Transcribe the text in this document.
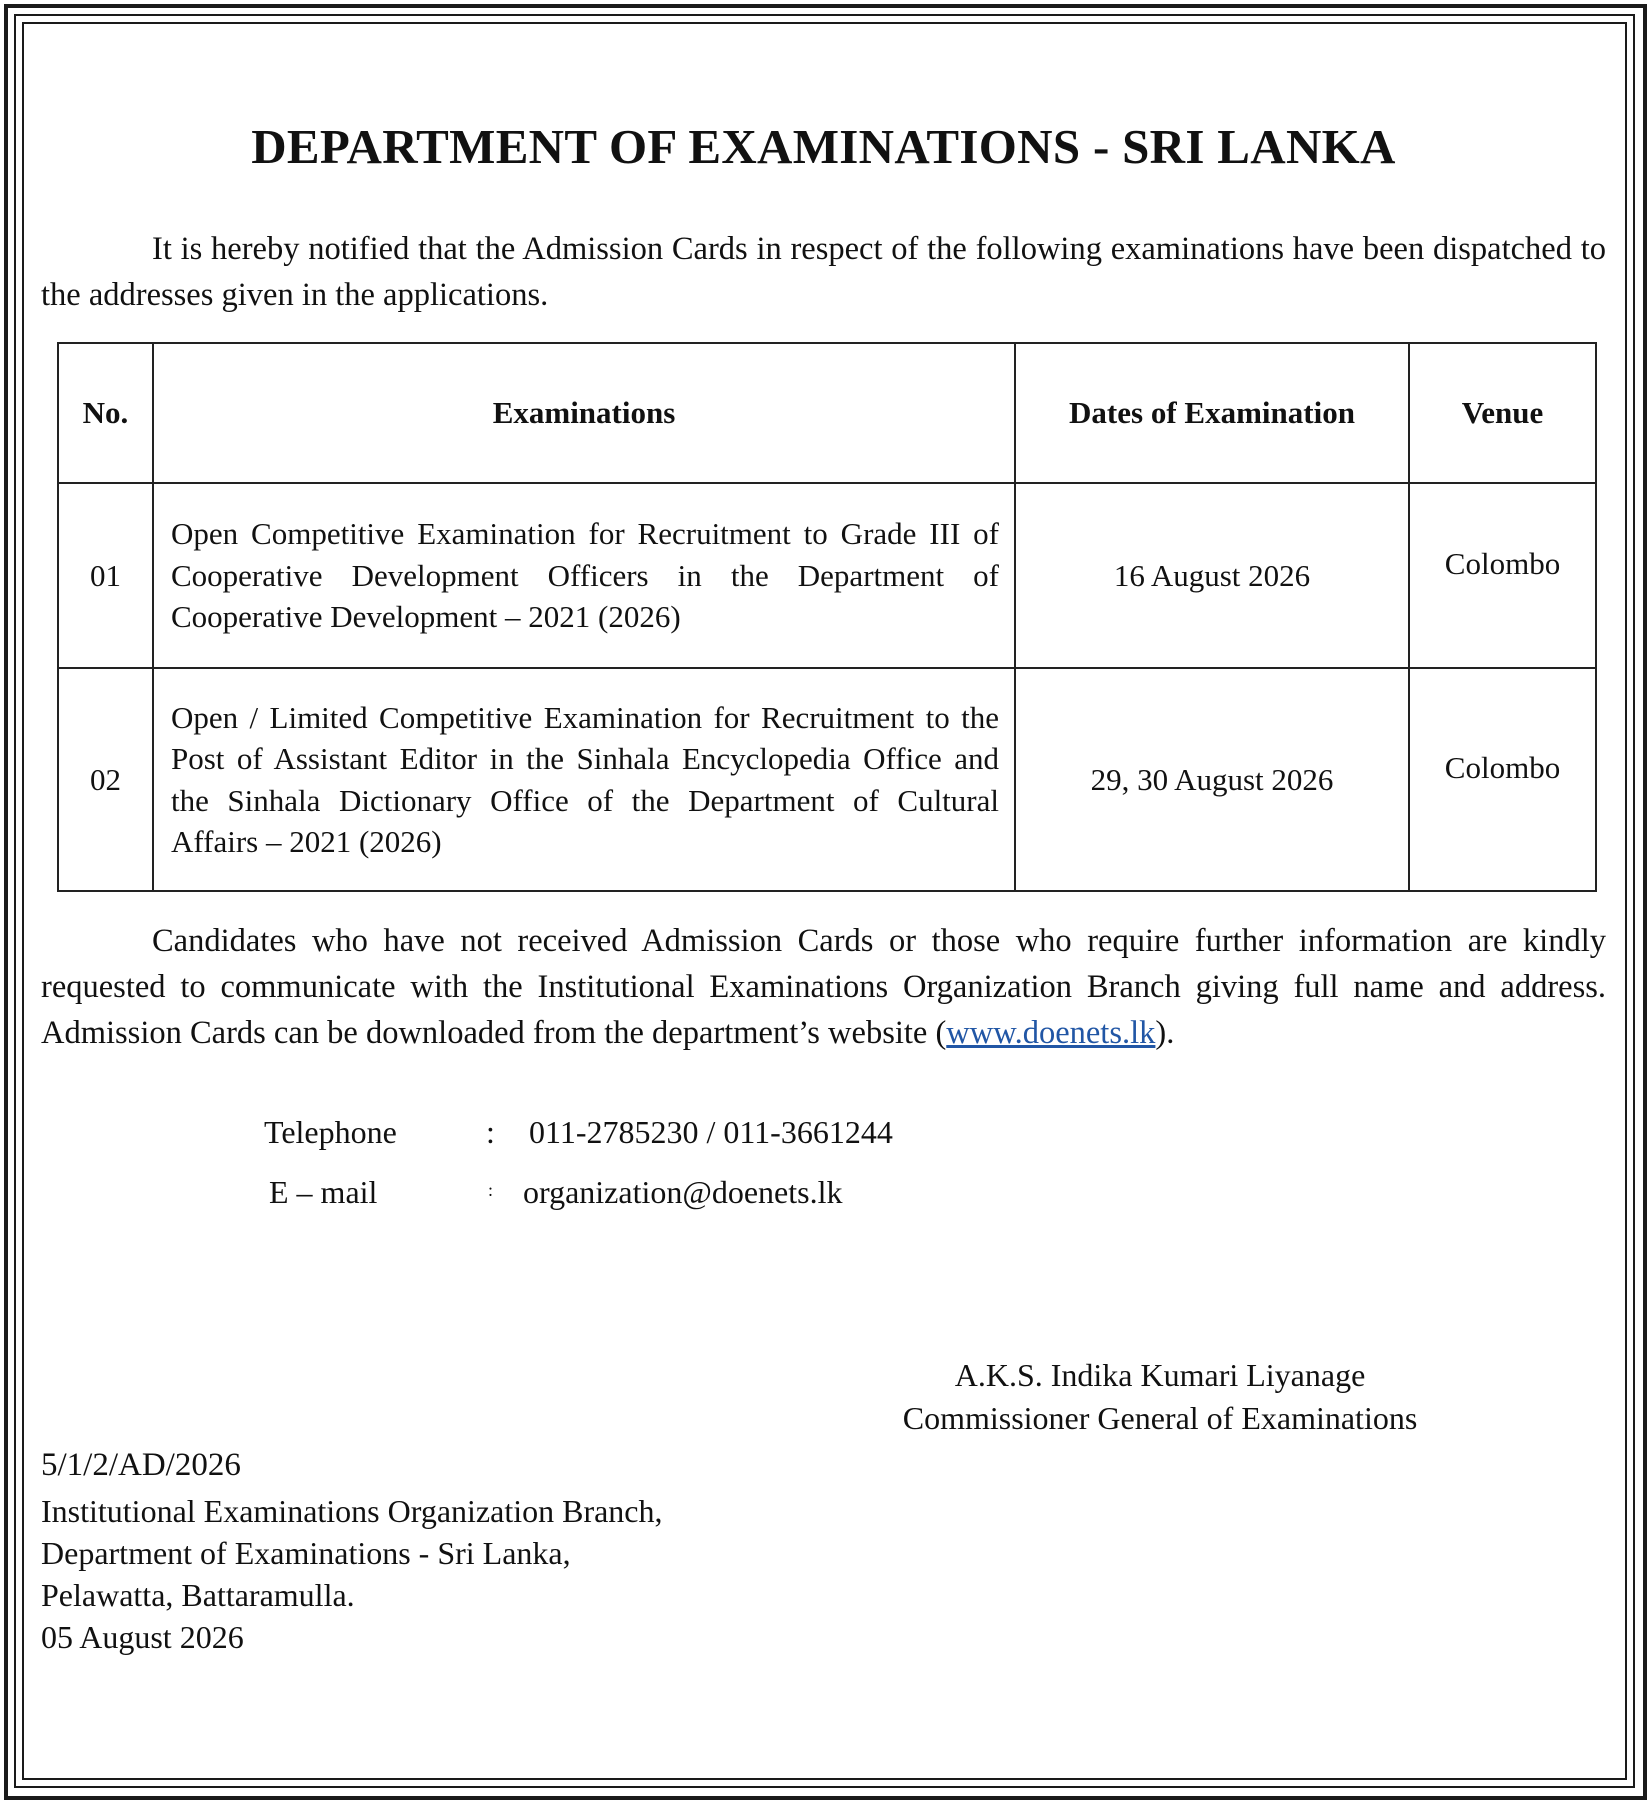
DEPARTMENT OF EXAMINATIONS - SRI LANKA

It is hereby notified that the Admission Cards in respect of the following examinations have been dispatched to the addresses given in the applications.

No.	Examinations	Dates of Examination	Venue
01	Open Competitive Examination for Recruitment to Grade III of Cooperative Development Officers in the Department of Cooperative Development – 2021 (2026)	16 August 2026	Colombo
02	Open / Limited Competitive Examination for Recruitment to the Post of Assistant Editor in the Sinhala Encyclopedia Office and the Sinhala Dictionary Office of the Department of Cultural Affairs – 2021 (2026)	29, 30 August 2026	Colombo

Candidates who have not received Admission Cards or those who require further information are kindly requested to communicate with the Institutional Examinations Organization Branch giving full name and address. Admission Cards can be downloaded from the department’s website (www.doenets.lk).

Telephone	: 011-2785230 / 011-3661244
E – mail	: organization@doenets.lk
A.K.S. Indika Kumari Liyanage
Commissioner General of Examinations
5/1/2/AD/2026
Institutional Examinations Organization Branch,
Department of Examinations - Sri Lanka,
Pelawatta, Battaramulla.
05 August 2026
